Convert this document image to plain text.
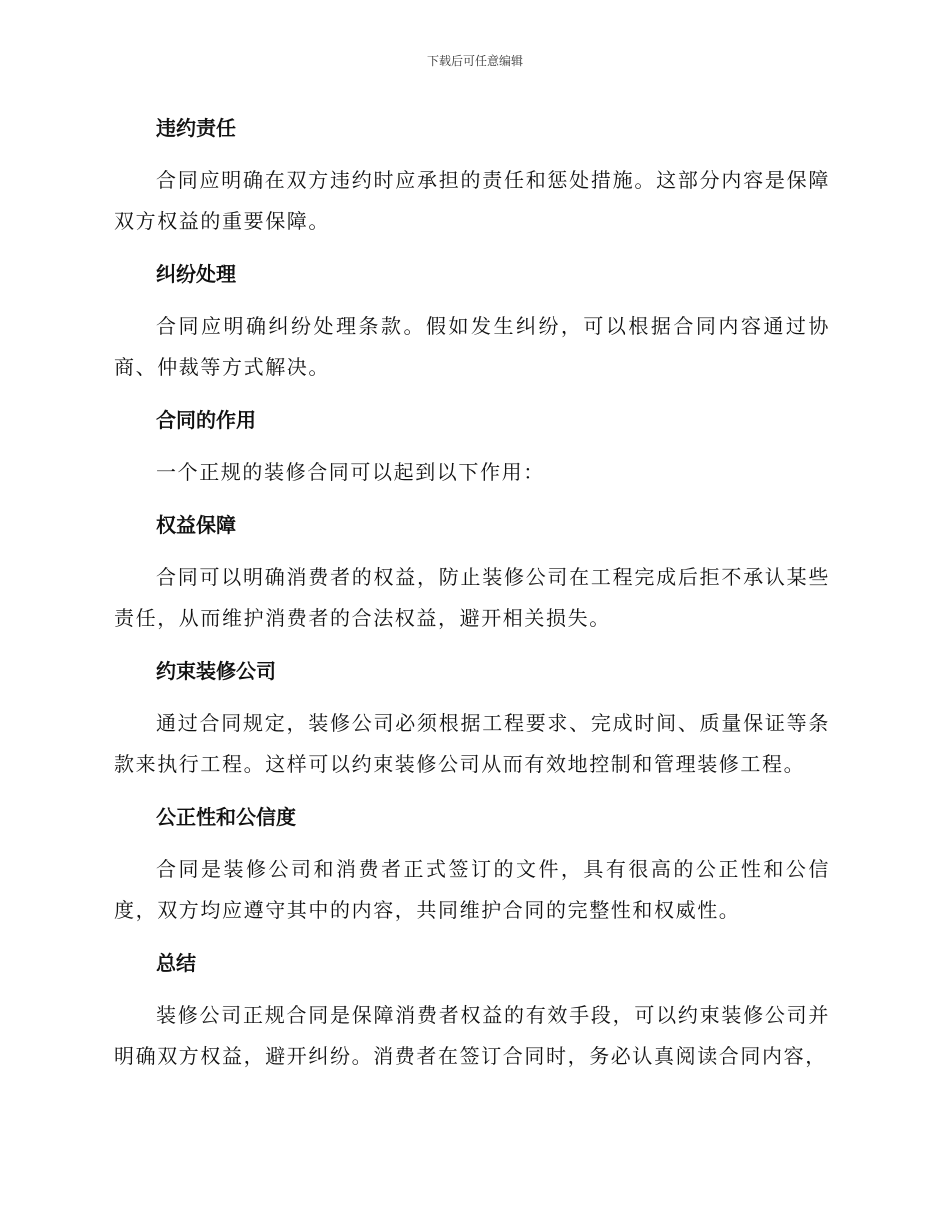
下载后可任意编辑
违约责任

合同应明确在双方违约时应承担的责任和惩处措施。这部分内容是保障双方权益的重要保障。

纠纷处理

合同应明确纠纷处理条款。假如发生纠纷，可以根据合同内容通过协商、仲裁等方式解决。

合同的作用

一个正规的装修合同可以起到以下作用：

权益保障

合同可以明确消费者的权益，防止装修公司在工程完成后拒不承认某些责任，从而维护消费者的合法权益，避开相关损失。

约束装修公司

通过合同规定，装修公司必须根据工程要求、完成时间、质量保证等条款来执行工程。这样可以约束装修公司从而有效地控制和管理装修工程。

公正性和公信度

合同是装修公司和消费者正式签订的文件，具有很高的公正性和公信度，双方均应遵守其中的内容，共同维护合同的完整性和权威性。

总结

装修公司正规合同是保障消费者权益的有效手段，可以约束装修公司并明确双方权益，避开纠纷。消费者在签订合同时，务必认真阅读合同内容，
